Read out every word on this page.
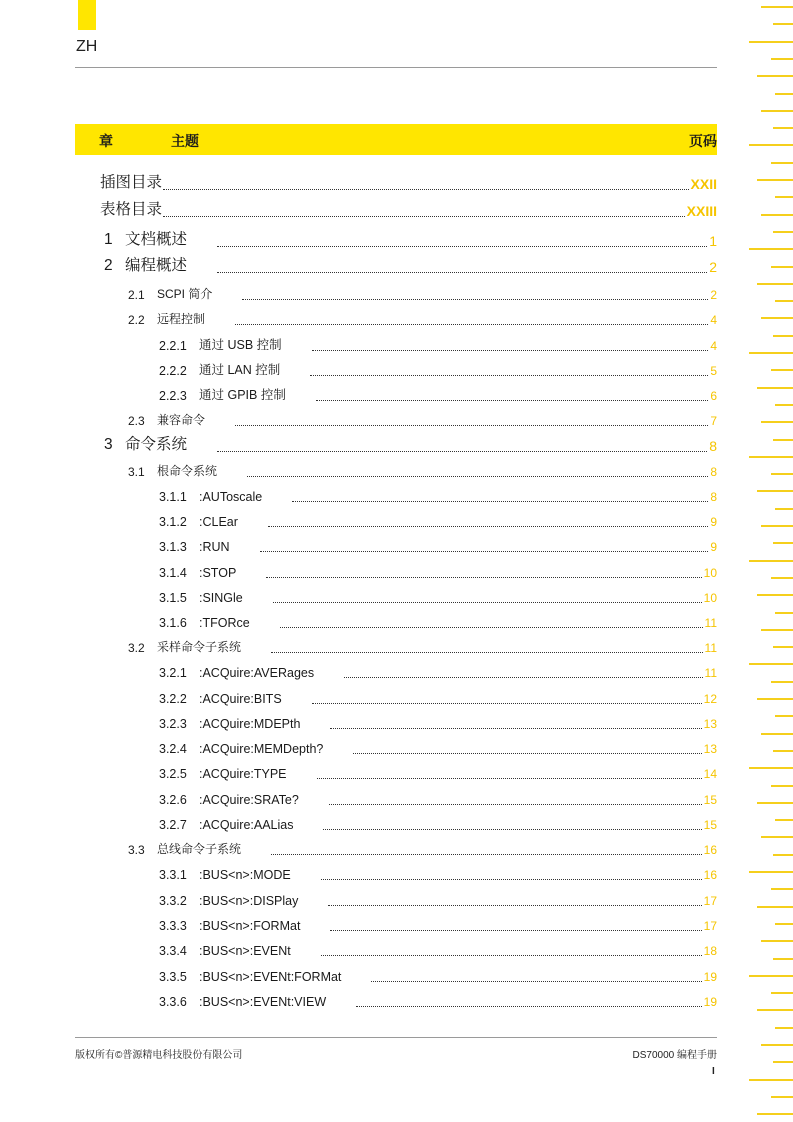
ZH
章	主题	页码
插图目录	XXII
表格目录	XXIII
1 文档概述	1
2 编程概述	2
2.1 SCPI 简介	2
2.2 远程控制	4
2.2.1 通过 USB 控制	4
2.2.2 通过 LAN 控制	5
2.2.3 通过 GPIB 控制	6
2.3 兼容命令	7
3 命令系统	8
3.1 根命令系统	8
3.1.1 :AUToscale	8
3.1.2 :CLEar	9
3.1.3 :RUN	9
3.1.4 :STOP	10
3.1.5 :SINGle	10
3.1.6 :TFORce	11
3.2 采样命令子系统	11
3.2.1 :ACQuire:AVERages	11
3.2.2 :ACQuire:BITS	12
3.2.3 :ACQuire:MDEPth	13
3.2.4 :ACQuire:MEMDepth?	13
3.2.5 :ACQuire:TYPE	14
3.2.6 :ACQuire:SRATe?	15
3.2.7 :ACQuire:AALias	15
3.3 总线命令子系统	16
3.3.1 :BUS<n>:MODE	16
3.3.2 :BUS<n>:DISPlay	17
3.3.3 :BUS<n>:FORMat	17
3.3.4 :BUS<n>:EVENt	18
3.3.5 :BUS<n>:EVENt:FORMat	19
3.3.6 :BUS<n>:EVENt:VIEW	19
版权所有©普源精电科技股份有限公司	DS70000 编程手册
I
